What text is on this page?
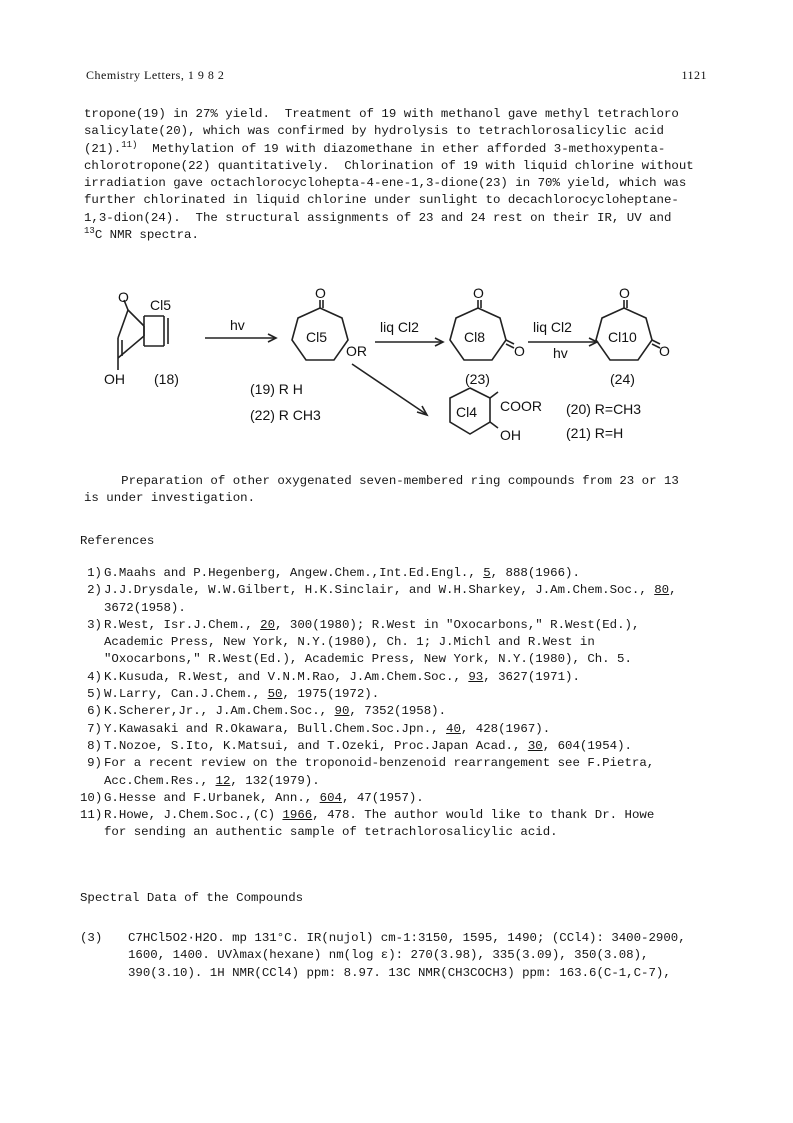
Chemistry Letters, 1 9 8 2	1121
tropone(19) in 27% yield.  Treatment of 19 with methanol gave methyl tetrachloro
salicylate(20), which was confirmed by hydrolysis to tetrachlorosalicylic acid
(21).$^{11)}$  Methylation of 19 with diazomethane in ether afforded 3-methoxypenta-
chlorotropone(22) quantitatively.  Chlorination of 19 with liquid chlorine without
irradiation gave octachlorocyclohepta-4-ene-1,3-dione(23) in 70% yield, which was
further chlorinated in liquid chlorine under sunlight to decachlorocycloheptane-
1,3-dion(24).  The structural assignments of 23 and 24 rest on their IR, UV and
$^{13}$C NMR spectra.
O Cl5
OH (18)
hv
O
Cl5
OR
(19) R H
(22) R CH3
liq Cl2
O
Cl8
O
(23)
liq Cl2
hv
O
Cl10
O
(24)
Cl4 COOR
OH
(20) R=CH3
(21) R=H
Preparation of other oxygenated seven-membered ring compounds from 23 or 13
is under investigation.
References
1) G.Maahs and P.Hegenberg, Angew.Chem.,Int.Ed.Engl., 5, 888(1966).
2) J.J.Drysdale, W.W.Gilbert, H.K.Sinclair, and W.H.Sharkey, J.Am.Chem.Soc., 80,
3672(1958).
3) R.West, Isr.J.Chem., 20, 300(1980); R.West in "Oxocarbons," R.West(Ed.),
Academic Press, New York, N.Y.(1980), Ch. 1; J.Michl and R.West in
"Oxocarbons," R.West(Ed.), Academic Press, New York, N.Y.(1980), Ch. 5.
4) K.Kusuda, R.West, and V.N.M.Rao, J.Am.Chem.Soc., 93, 3627(1971).
5) W.Larry, Can.J.Chem., 50, 1975(1972).
6) K.Scherer,Jr., J.Am.Chem.Soc., 90, 7352(1958).
7) Y.Kawasaki and R.Okawara, Bull.Chem.Soc.Jpn., 40, 428(1967).
8) T.Nozoe, S.Ito, K.Matsui, and T.Ozeki, Proc.Japan Acad., 30, 604(1954).
9) For a recent review on the troponoid-benzenoid rearrangement see F.Pietra,
Acc.Chem.Res., 12, 132(1979).
10) G.Hesse and F.Urbanek, Ann., 604, 47(1957).
11) R.Howe, J.Chem.Soc.,(C) 1966, 478. The author would like to thank Dr. Howe
for sending an authentic sample of tetrachlorosalicylic acid.
Spectral Data of the Compounds
(3) C7HCl5O2·H2O. mp 131°C. IR(nujol) cm-1:3150, 1595, 1490; (CCl4): 3400-2900,
1600, 1400. UVλmax(hexane) nm(log ε): 270(3.98), 335(3.09), 350(3.08),
390(3.10). 1H NMR(CCl4) ppm: 8.97. 13C NMR(CH3COCH3) ppm: 163.6(C-1,C-7),
